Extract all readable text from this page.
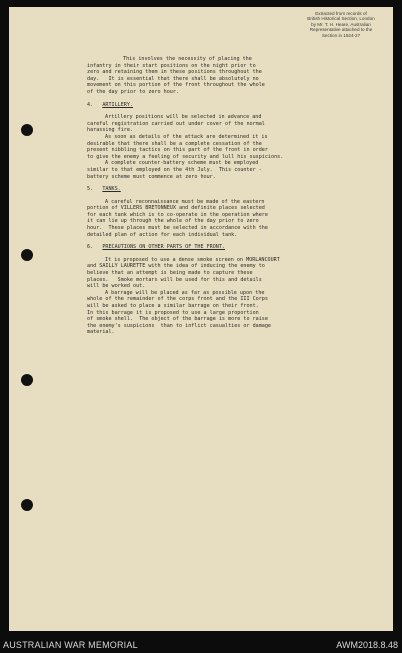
Extracted from records of
British Historical Section, London
by Mr. T. H. Heare, Australian
Representative attached to the
Section in 1924-27

This involves the necessity of placing the

infantry in their start positions on the night prior to

zero and retaining them in these positions throughout the

day.   It is essential that there shall be absolutely no

movement on this portion of the front throughout the whole

of the day prior to zero hour.

4. ARTILLERY.

Artillery positions will be selected in advance and

careful registration carried out under cover of the normal

harassing fire.

As soon as details of the attack are determined it is

desirable that there shall be a complete cessation of the

present nibbling tactics on this part of the front in order

to give the enemy a feeling of security and lull his suspicions.

A complete counter-battery scheme must be employed

similar to that employed on the 4th July.  This counter -

battery scheme must commence at zero hour.

5. TANKS.

A careful reconnaissance must be made of the eastern

portion of VILLERS BRETONNEUX and definite places selected

for each tank which is to co-operate in the operation where

it can lie up through the whole of the day prior to zero

hour.  These places must be selected in accordance with the

detailed plan of action for each individual tank.

6. PRECAUTIONS ON OTHER PARTS OF THE FRONT.

It is proposed to use a dense smoke screen on MORLANCOURT

and SAILLY LAURETTE with the idea of inducing the enemy to

believe that an attempt is being made to capture these

places.   Smoke mortars will be used for this and details

will be worked out.

A barrage will be placed as far as possible upon the

whole of the remainder of the corps front and the III Corps

will be asked to place a similar barrage on their front.

In this barrage it is proposed to use a large proportion

of smoke shell.  The object of the barrage is more to raise

the enemy's suspicions  than to inflict casualties or damage

material.

AUSTRALIAN WAR MEMORIAL	AWM2018.8.48
